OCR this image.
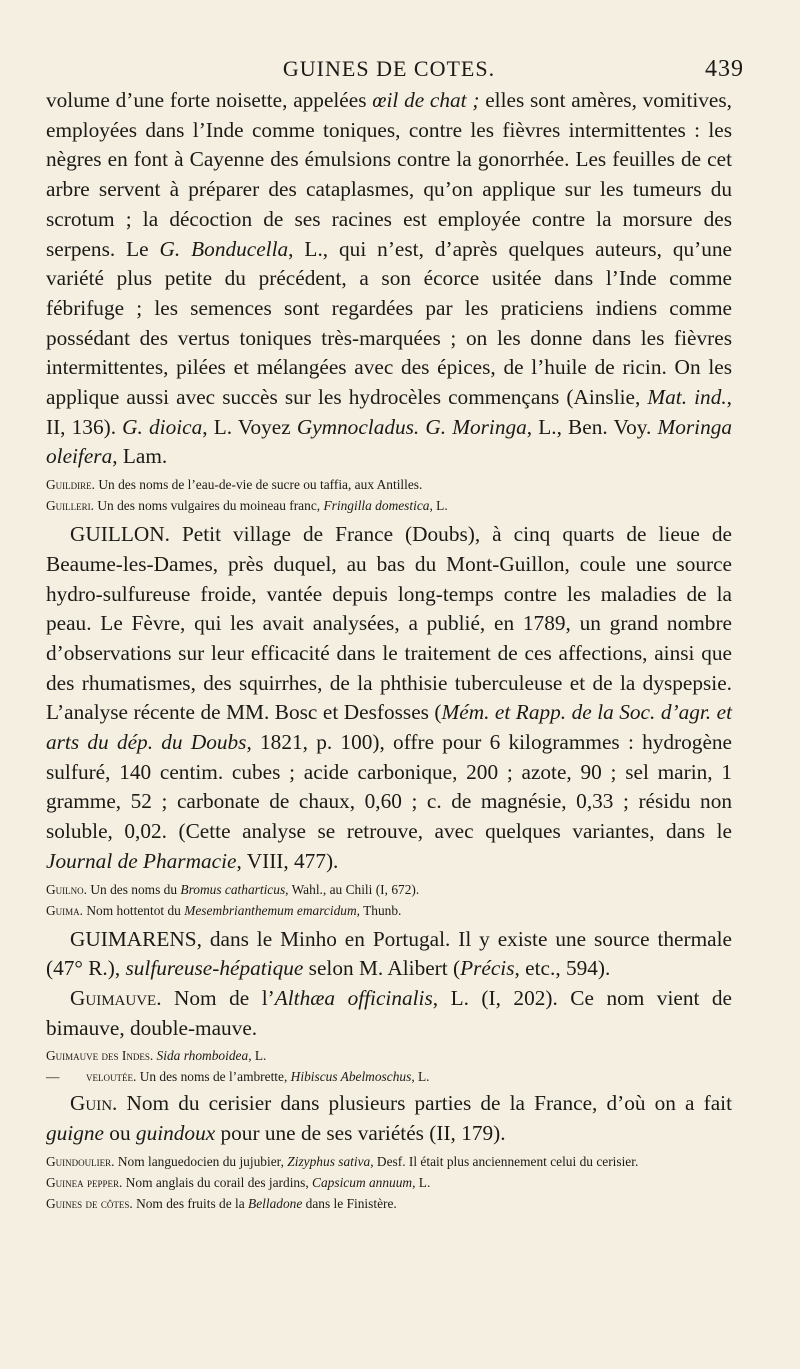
GUINES DE COTES.	439

volume d’une forte noisette, appelées œil de chat ; elles sont amères, vomitives, employées dans l’Inde comme toniques, contre les fièvres intermittentes : les nègres en font à Cayenne des émulsions contre la gonorrhée. Les feuilles de cet arbre servent à préparer des cataplasmes, qu’on applique sur les tumeurs du scrotum ; la décoction de ses racines est employée contre la morsure des serpens. Le G. Bonducella, L., qui n’est, d’après quelques auteurs, qu’une variété plus petite du précédent, a son écorce usitée dans l’Inde comme fébrifuge ; les semences sont regardées par les praticiens indiens comme possédant des vertus toniques très-marquées ; on les donne dans les fièvres intermittentes, pilées et mélangées avec des épices, de l’huile de ricin. On les applique aussi avec succès sur les hydrocèles commençans (Ainslie, Mat. ind., II, 136). G. dioica, L. Voyez Gymnocladus. G. Moringa, L., Ben. Voy. Moringa oleifera, Lam.

Guildire. Un des noms de l’eau-de-vie de sucre ou taffia, aux Antilles.

Guilleri. Un des noms vulgaires du moineau franc, Fringilla domestica, L.

GUILLON. Petit village de France (Doubs), à cinq quarts de lieue de Beaume-les-Dames, près duquel, au bas du Mont-Guillon, coule une source hydro-sulfureuse froide, vantée depuis long-temps contre les maladies de la peau. Le Fèvre, qui les avait analysées, a publié, en 1789, un grand nombre d’observations sur leur efficacité dans le traitement de ces affections, ainsi que des rhumatismes, des squirrhes, de la phthisie tuberculeuse et de la dyspepsie. L’analyse récente de MM. Bosc et Desfosses (Mém. et Rapp. de la Soc. d’agr. et arts du dép. du Doubs, 1821, p. 100), offre pour 6 kilogrammes : hydrogène sulfuré, 140 centim. cubes ; acide carbonique, 200 ; azote, 90 ; sel marin, 1 gramme, 52 ; carbonate de chaux, 0,60 ; c. de magnésie, 0,33 ; résidu non soluble, 0,02. (Cette analyse se retrouve, avec quelques variantes, dans le Journal de Pharmacie, VIII, 477).

Guilno. Un des noms du Bromus catharticus, Wahl., au Chili (I, 672).

Guima. Nom hottentot du Mesembrianthemum emarcidum, Thunb.

GUIMARENS, dans le Minho en Portugal. Il y existe une source thermale (47° R.), sulfureuse-hépatique selon M. Alibert (Précis, etc., 594).

Guimauve. Nom de l’Althæa officinalis, L. (I, 202). Ce nom vient de bimauve, double-mauve.

Guimauve des Indes. Sida rhomboidea, L.

— veloutée. Un des noms de l’ambrette, Hibiscus Abelmoschus, L.

Guin. Nom du cerisier dans plusieurs parties de la France, d’où on a fait guigne ou guindoux pour une de ses variétés (II, 179).

Guindoulier. Nom languedocien du jujubier, Zizyphus sativa, Desf. Il était plus anciennement celui du cerisier.

Guinea pepper. Nom anglais du corail des jardins, Capsicum annuum, L.

Guines de côtes. Nom des fruits de la Belladone dans le Finistère.
